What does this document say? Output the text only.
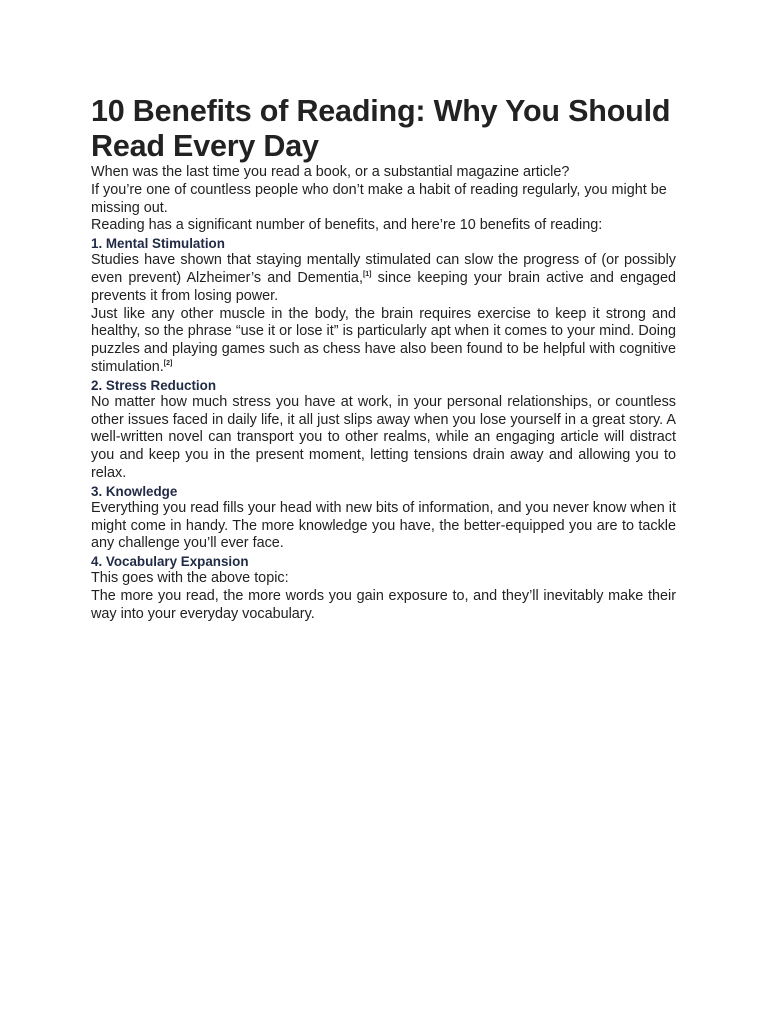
10 Benefits of Reading: Why You Should Read Every Day

When was the last time you read a book, or a substantial magazine article?

If you’re one of countless people who don’t make a habit of reading regularly, you might be missing out.

Reading has a significant number of benefits, and here’re 10 benefits of reading:

1. Mental Stimulation

Studies have shown that staying mentally stimulated can slow the progress of (or possibly even prevent) Alzheimer’s and Dementia,[1] since keeping your brain active and engaged prevents it from losing power.

Just like any other muscle in the body, the brain requires exercise to keep it strong and healthy, so the phrase “use it or lose it” is particularly apt when it comes to your mind. Doing puzzles and playing games such as chess have also been found to be helpful with cognitive stimulation.[2]

2. Stress Reduction

No matter how much stress you have at work, in your personal relationships, or countless other issues faced in daily life, it all just slips away when you lose yourself in a great story. A well-written novel can transport you to other realms, while an engaging article will distract you and keep you in the present moment, letting tensions drain away and allowing you to relax.

3. Knowledge

Everything you read fills your head with new bits of information, and you never know when it might come in handy. The more knowledge you have, the better-equipped you are to tackle any challenge you’ll ever face.

4. Vocabulary Expansion

This goes with the above topic:

The more you read, the more words you gain exposure to, and they’ll inevitably make their way into your everyday vocabulary.
